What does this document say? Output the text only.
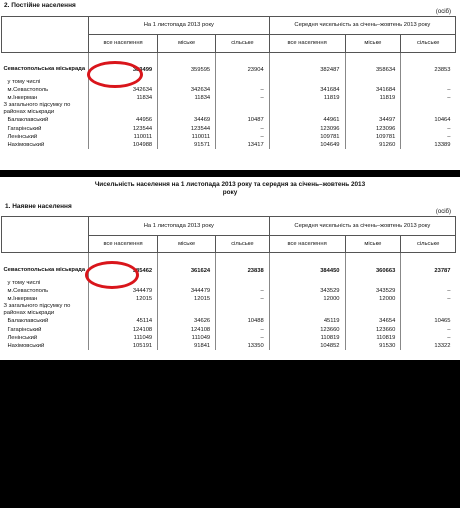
2. Постійне населення
(осіб)
	На 1 листопада 2013 року			Середня чисельність за січень–жовтень 2013 року		
	все населення	міське	сільське	все населення	міське	сільське

Севастопольська міськрада	383499	359595	23904	382487	358634	23853
у тому числі						
м.Севастополь	342634	342634	–	341684	341684	–
м.Інкерман	11834	11834	–	11819	11819	–
З загального підсумку по районах міськради						
Балаклавський	44956	34469	10487	44961	34497	10464
Гагарінський	123544	123544	–	123096	123096	–
Ленінський	110011	110011	–	109781	109781	–
Нахімовський	104988	91571	13417	104649	91260	13389
Чисельність населення на 1 листопада 2013 року та середня за січень–жовтень 2013 року
1. Наявне населення
(осіб)
	На 1 листопада 2013 року			Середня чисельність за січень–жовтень 2013 року		
	все населення	міське	сільське	все населення	міське	сільське

Севастопольська міськрада	385462	361624	23838	384450	360663	23787
у тому числі						
м.Севастополь	344479	344479	–	343529	343529	–
м.Інкерман	12015	12015	–	12000	12000	–
З загального підсумку по районах міськради						
Балаклавський	45114	34626	10488	45119	34654	10465
Гагарінський	124108	124108	–	123660	123660	–
Ленінський	111049	111049	–	110819	110819	–
Нахімовський	105191	91841	13350	104852	91530	13322
